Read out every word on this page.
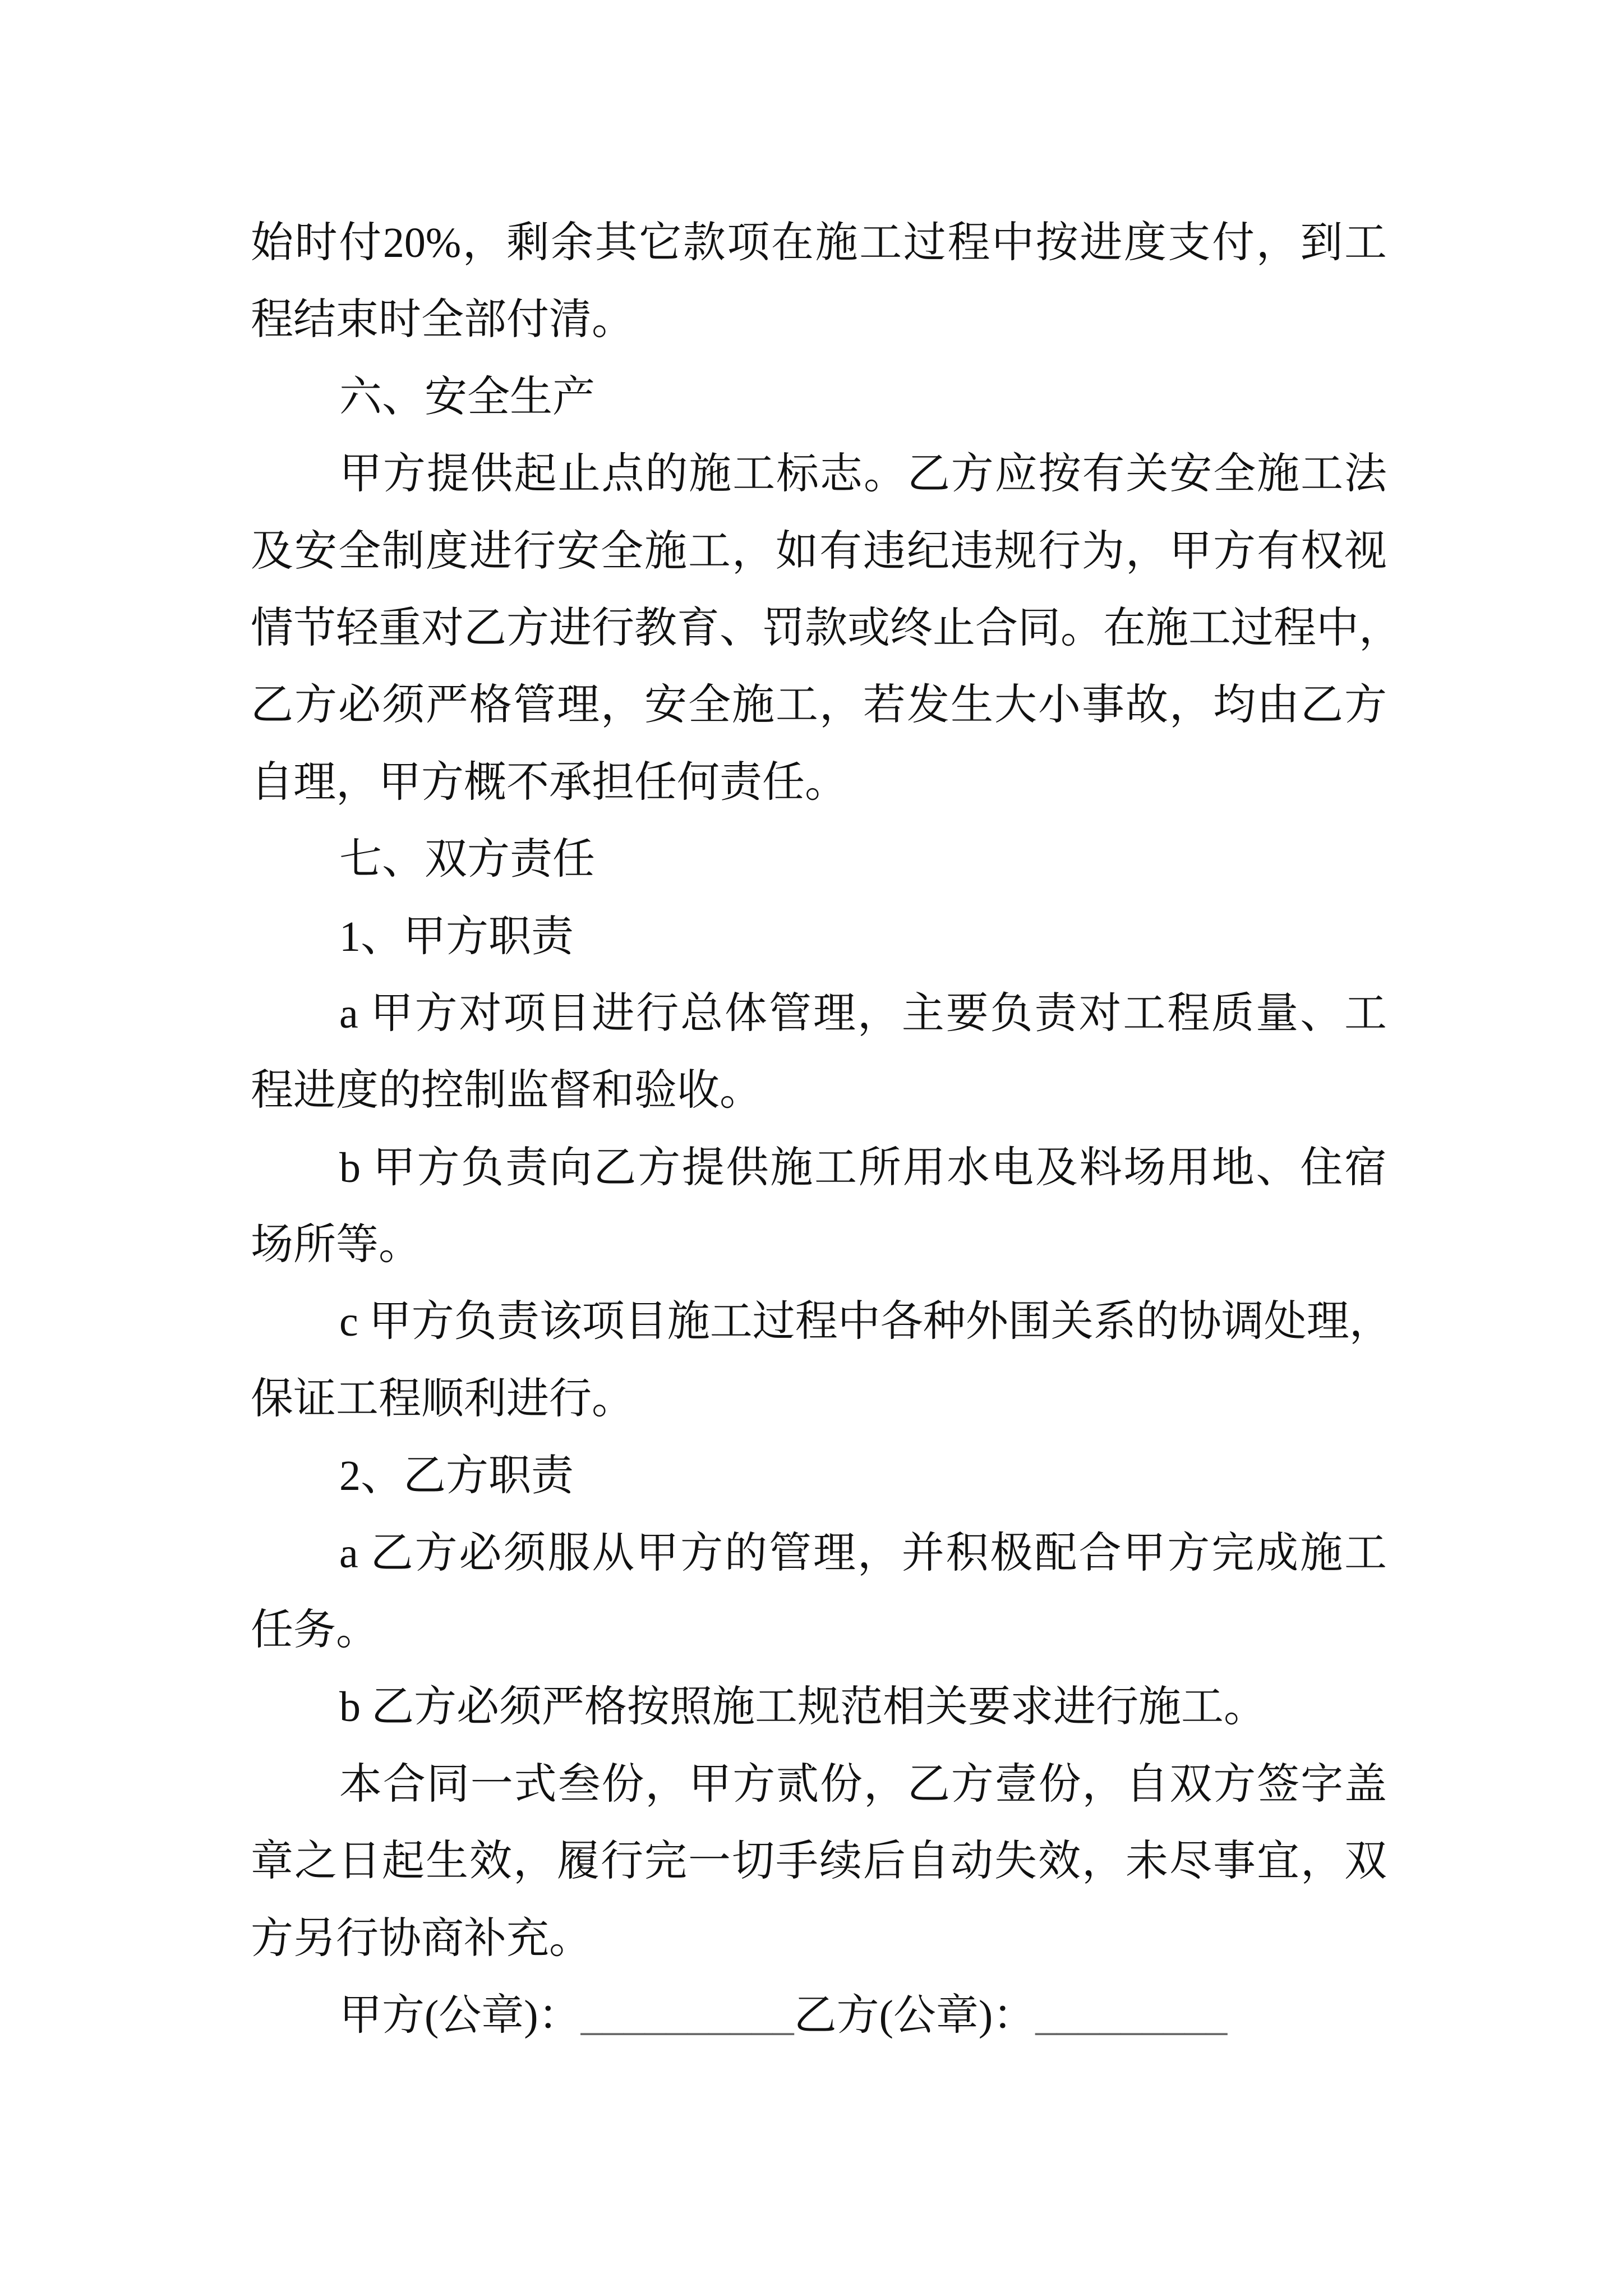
始时付20%，剩余其它款项在施工过程中按进度支付，到工
程结束时全部付清。
六、安全生产
甲方提供起止点的施工标志。乙方应按有关安全施工法
及安全制度进行安全施工，如有违纪违规行为，甲方有权视
情节轻重对乙方进行教育、罚款或终止合同。在施工过程中，
乙方必须严格管理，安全施工，若发生大小事故，均由乙方
自理，甲方概不承担任何责任。
七、双方责任
1、甲方职责
a 甲方对项目进行总体管理，主要负责对工程质量、工
程进度的控制监督和验收。
b 甲方负责向乙方提供施工所用水电及料场用地、住宿
场所等。
c 甲方负责该项目施工过程中各种外围关系的协调处理，
保证工程顺利进行。
2、乙方职责
a 乙方必须服从甲方的管理，并积极配合甲方完成施工
任务。
b 乙方必须严格按照施工规范相关要求进行施工。
本合同一式叁份，甲方贰份，乙方壹份，自双方签字盖
章之日起生效，履行完一切手续后自动失效，未尽事宜，双
方另行协商补充。
甲方(公章)：__________乙方(公章)：_________
